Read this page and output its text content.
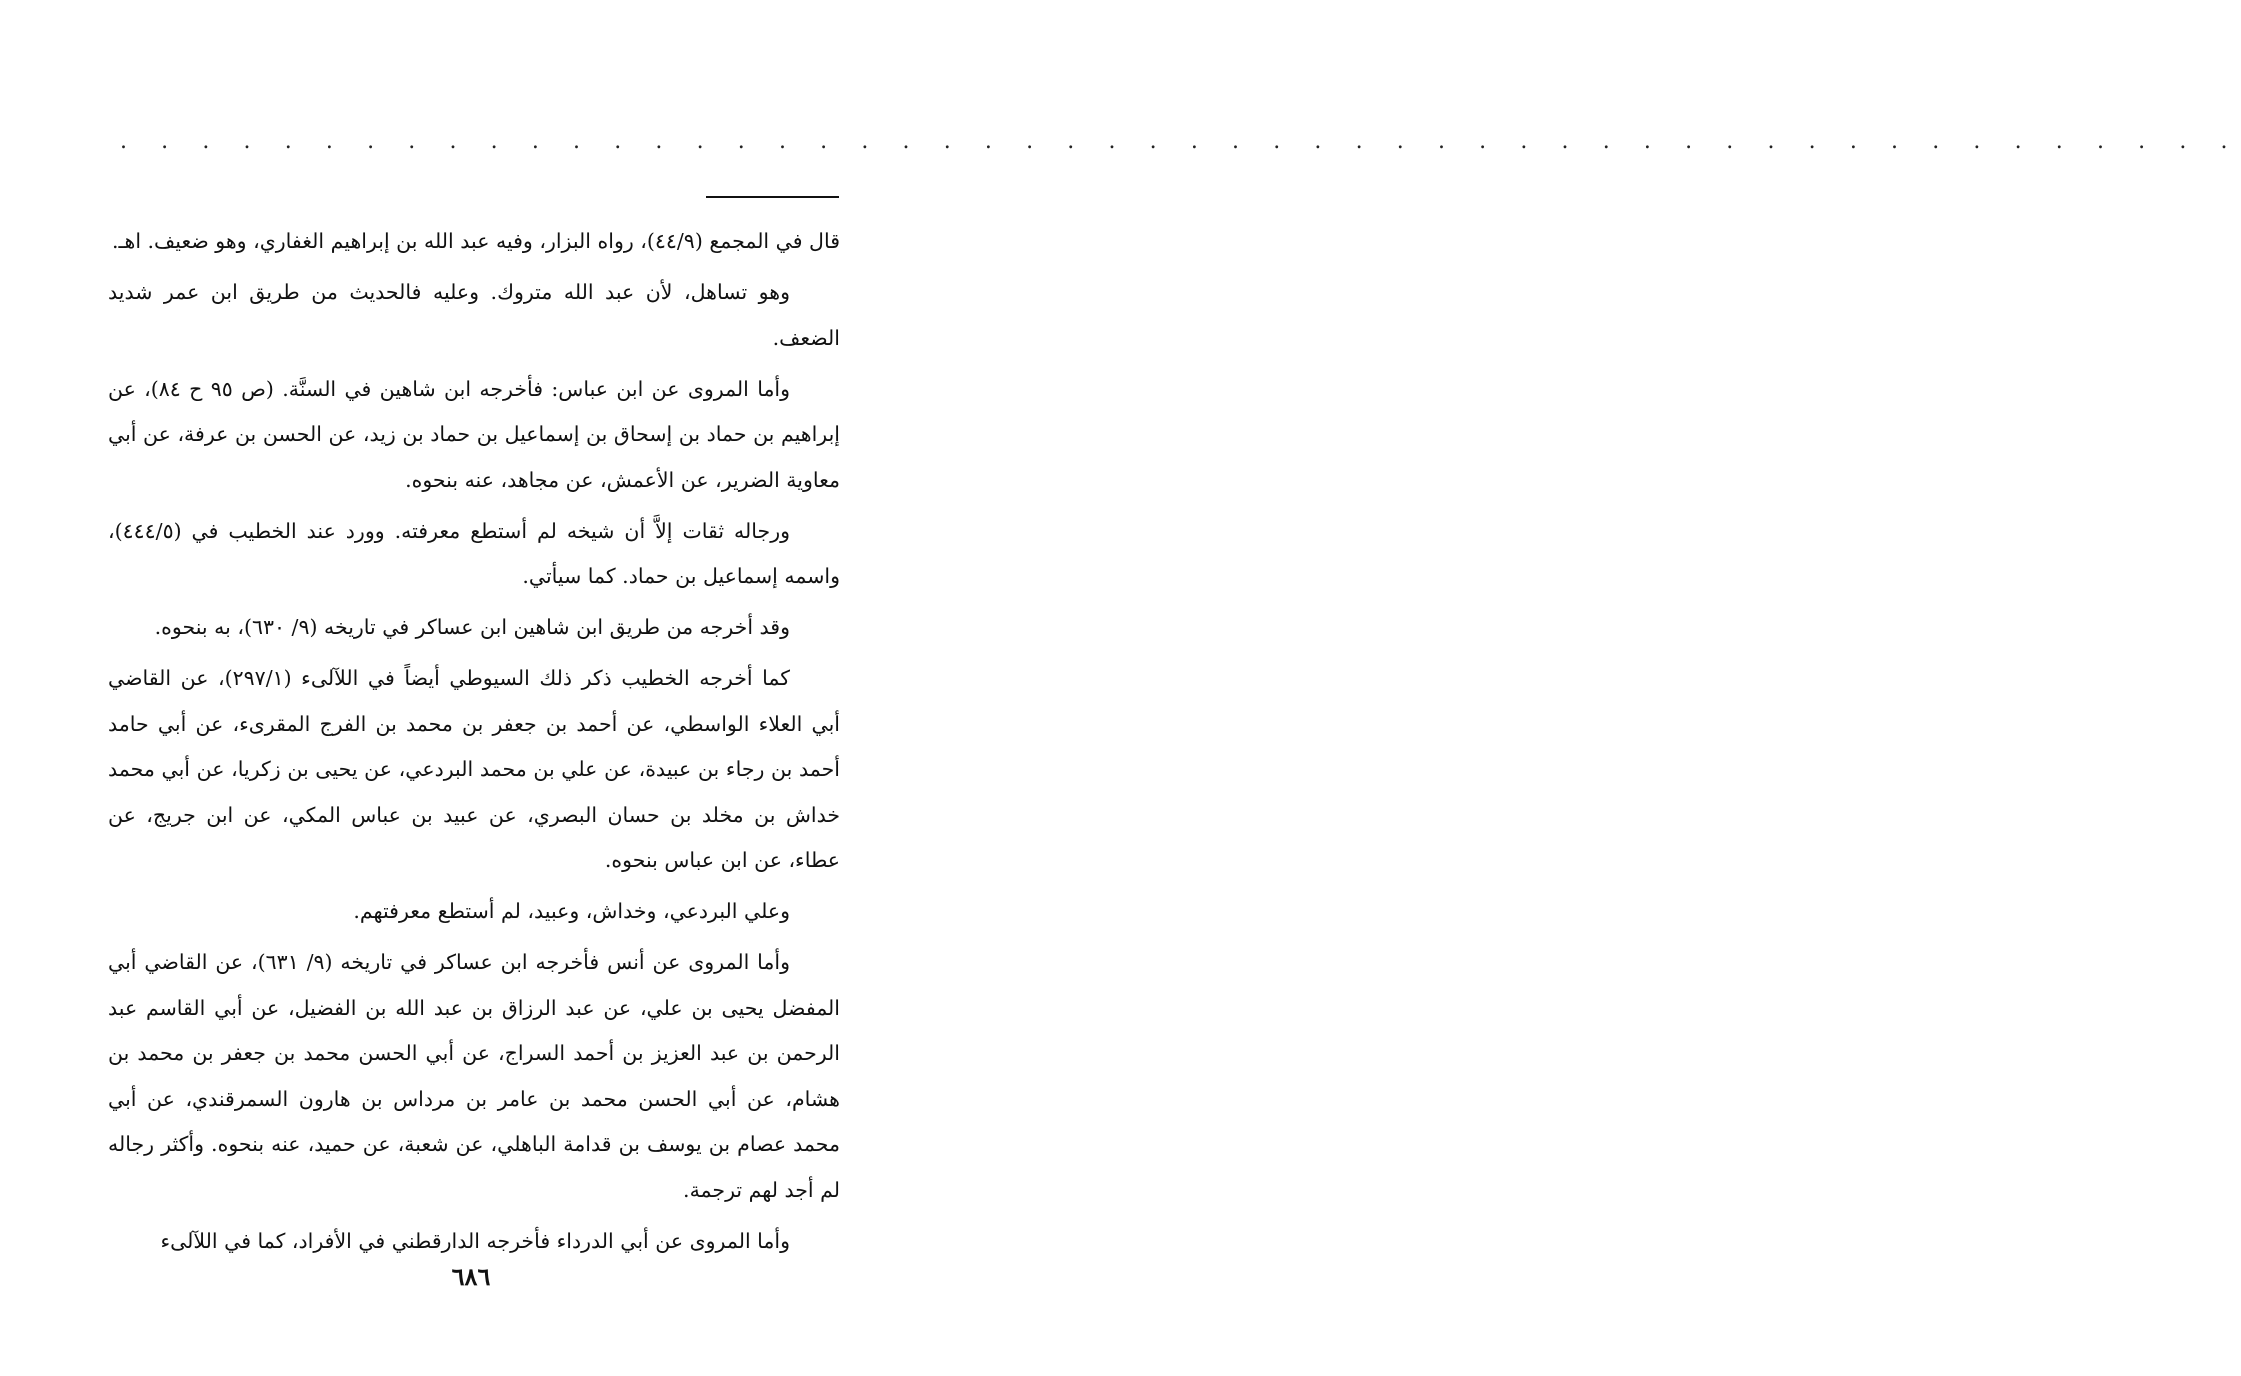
. . . . . . . . . . . . . . . . . . . . . . . . . . . . . . . . . . . . . . . . . . . . . . . . . . . .

قال في المجمع (٤٤/٩)، رواه البزار، وفيه عبد الله بن إبراهيم الغفاري، وهو ضعيف. اهـ.

وهو تساهل، لأن عبد الله متروك. وعليه فالحديث من طريق ابن عمر شديد الضعف.

وأما المروى عن ابن عباس: فأخرجه ابن شاهين في السنَّة. (ص ٩٥ ح ٨٤)، عن إبراهيم بن حماد بن إسحاق بن إسماعيل بن حماد بن زيد، عن الحسن بن عرفة، عن أبي معاوية الضرير، عن الأعمش، عن مجاهد، عنه بنحوه.

ورجاله ثقات إلاَّ أن شيخه لم أستطع معرفته. وورد عند الخطيب في (٤٤٤/٥)، واسمه إسماعيل بن حماد. كما سيأتي.

وقد أخرجه من طريق ابن شاهين ابن عساكر في تاريخه (٩/ ٦٣٠)، به بنحوه.

كما أخرجه الخطيب ذكر ذلك السيوطي أيضاً في اللآلىء (٢٩٧/١)، عن القاضي أبي العلاء الواسطي، عن أحمد بن جعفر بن محمد بن الفرج المقرىء، عن أبي حامد أحمد بن رجاء بن عبيدة، عن علي بن محمد البردعي، عن يحيى بن زكريا، عن أبي محمد خداش بن مخلد بن حسان البصري، عن عبيد بن عباس المكي، عن ابن جريج، عن عطاء، عن ابن عباس بنحوه.

وعلي البردعي، وخداش، وعبيد، لم أستطع معرفتهم.

وأما المروى عن أنس فأخرجه ابن عساكر في تاريخه (٩/ ٦٣١)، عن القاضي أبي المفضل يحيى بن علي، عن عبد الرزاق بن عبد الله بن الفضيل، عن أبي القاسم عبد الرحمن بن عبد العزيز بن أحمد السراج، عن أبي الحسن محمد بن جعفر بن محمد بن هشام، عن أبي الحسن محمد بن عامر بن مرداس بن هارون السمرقندي، عن أبي محمد عصام بن يوسف بن قدامة الباهلي، عن شعبة، عن حميد، عنه بنحوه. وأكثر رجاله لم أجد لهم ترجمة.

وأما المروى عن أبي الدرداء فأخرجه الدارقطني في الأفراد، كما في اللآلىء

٦٨٦
